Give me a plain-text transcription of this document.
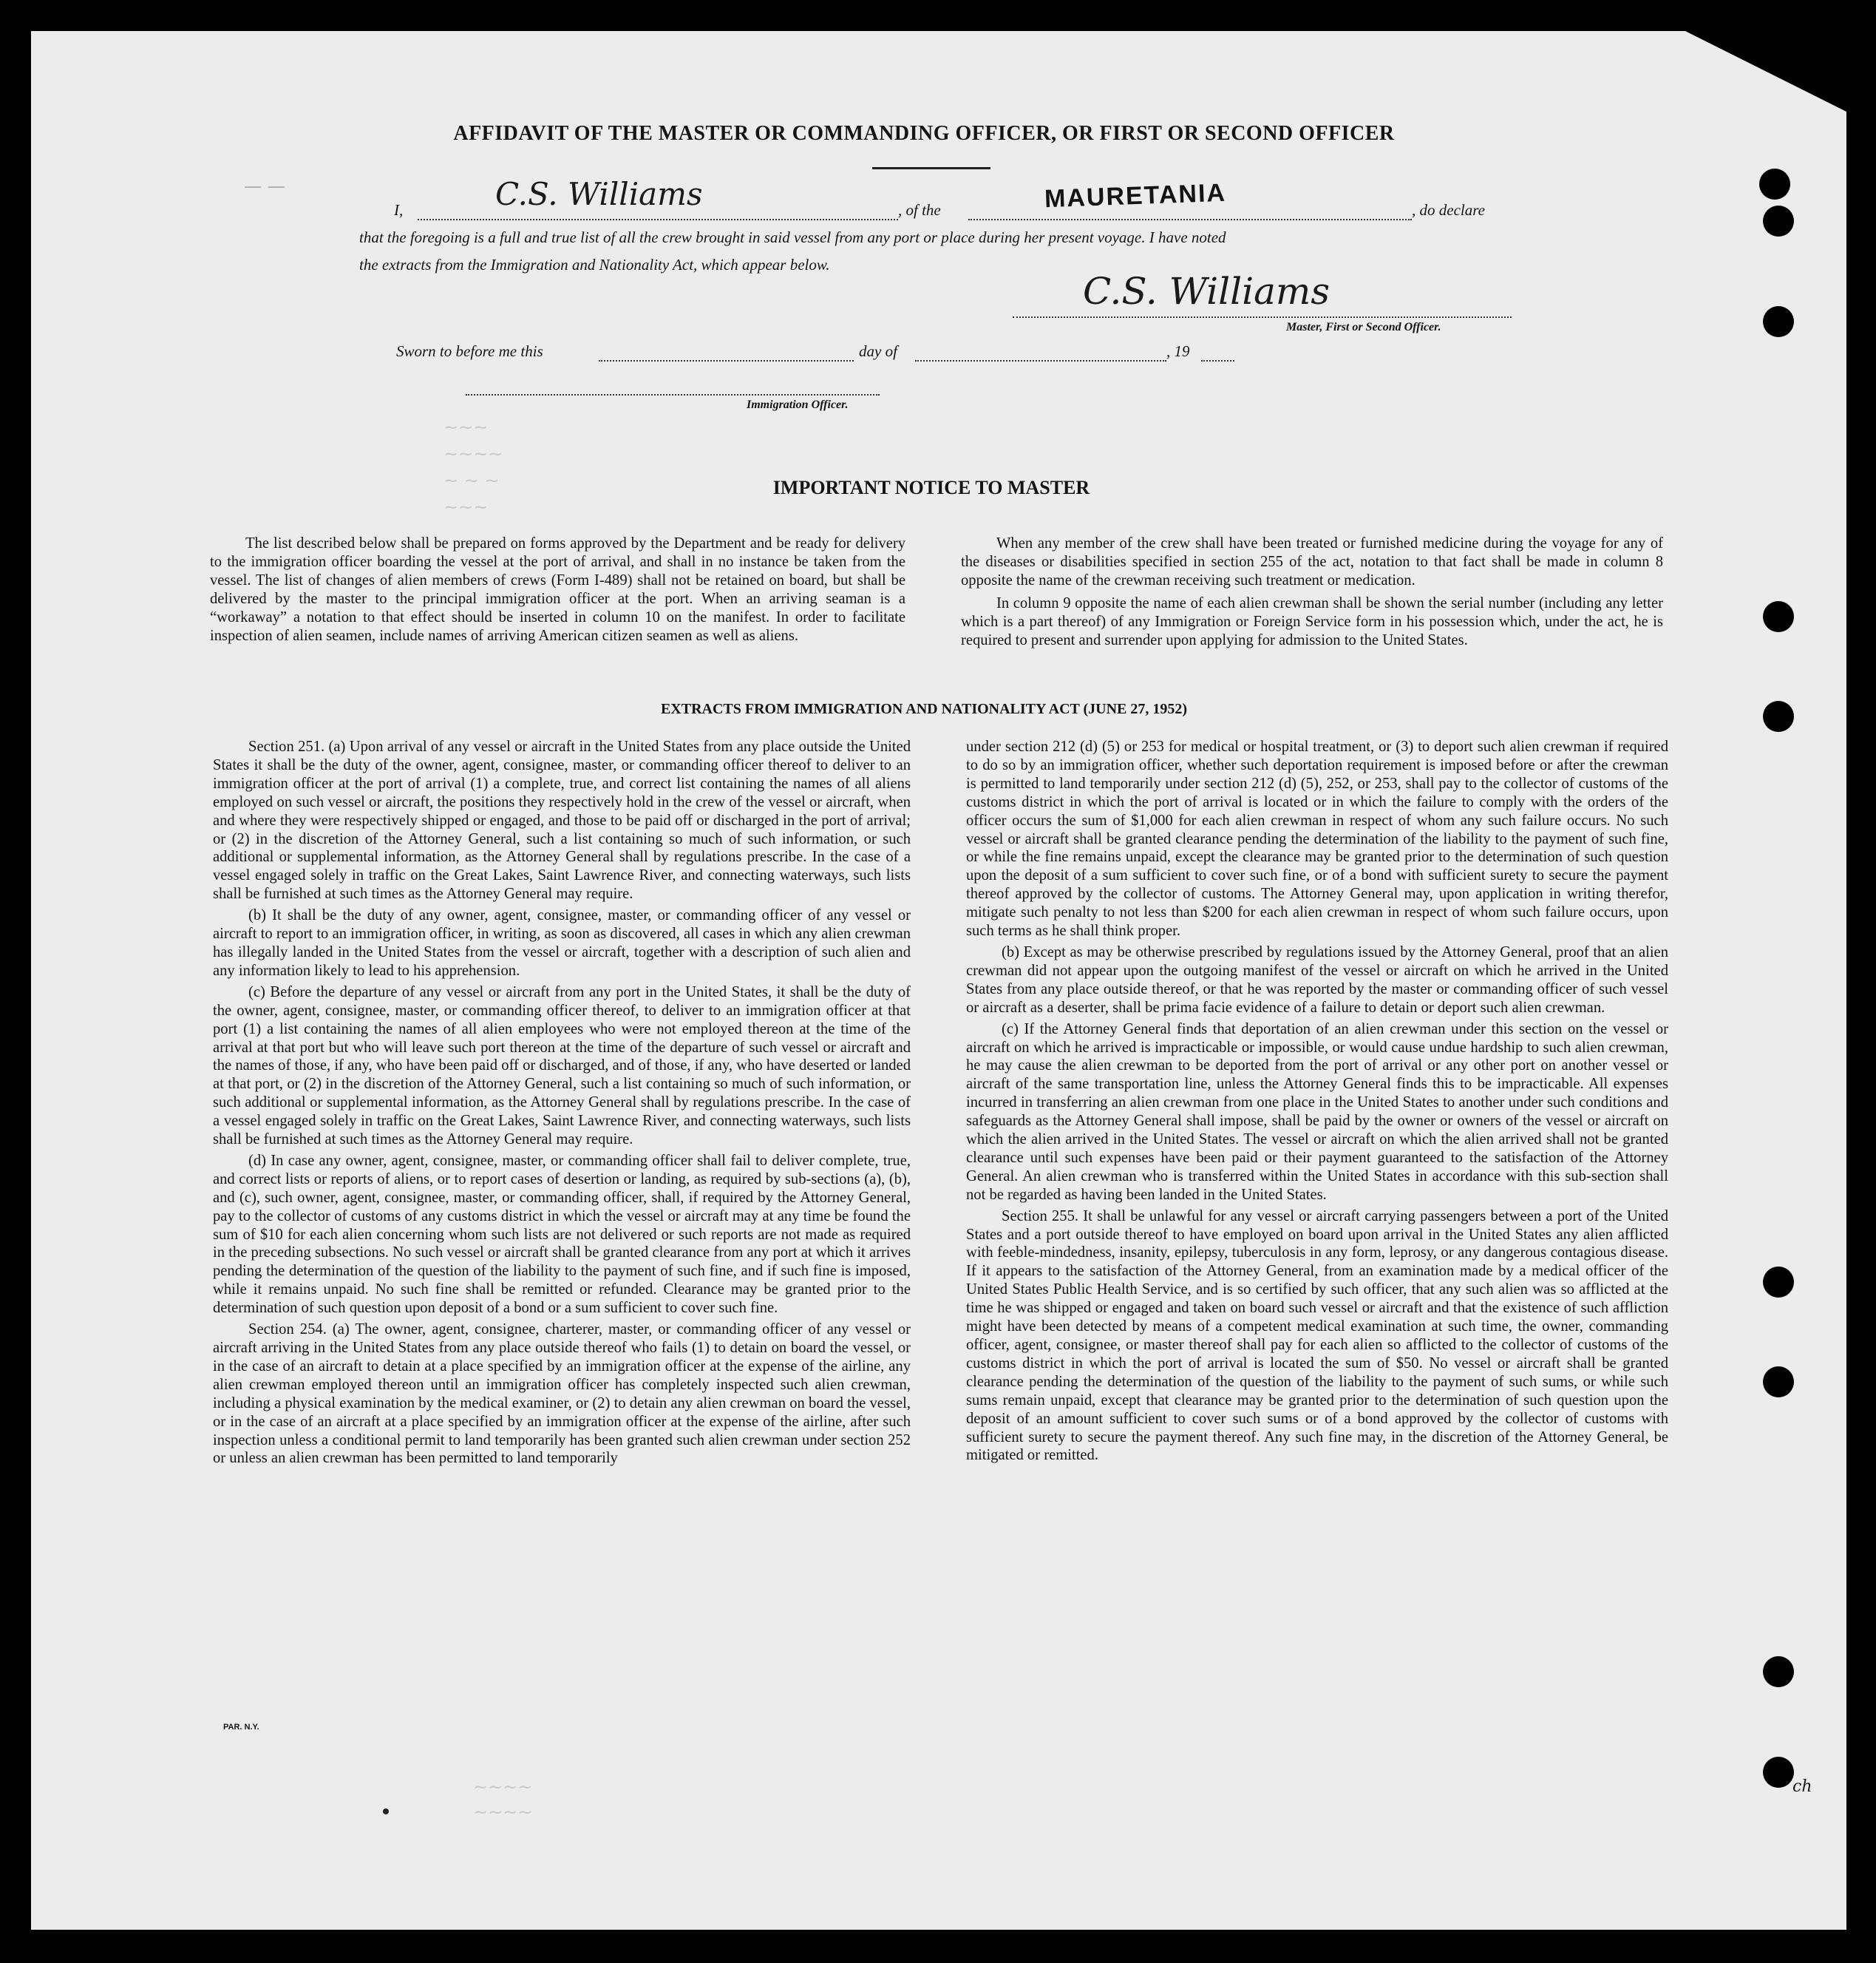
AFFIDAVIT OF THE MASTER OR COMMANDING OFFICER, OR FIRST OR SECOND OFFICER
— —
I,	C.S. Williams	, of the	MAURETANIA	, do declare
that the foregoing is a full and true list of all the crew brought in said vessel from any port or place during her present voyage. I have noted
the extracts from the Immigration and Nationality Act, which appear below.
C.S. Williams
Master, First or Second Officer.
Sworn to before me this	day of	, 19
Immigration Officer.
~~~
~~~~
~ ~ ~
~~~
IMPORTANT NOTICE TO MASTER

The list described below shall be prepared on forms approved by the Department and be ready for delivery to the immigration officer boarding the vessel at the port of arrival, and shall in no instance be taken from the vessel. The list of changes of alien members of crews (Form I-489) shall not be retained on board, but shall be delivered by the master to the principal immigration officer at the port. When an arriving seaman is a “workaway” a notation to that effect should be inserted in column 10 on the manifest. In order to facilitate inspection of alien seamen, include names of arriving American citizen seamen as well as aliens.

When any member of the crew shall have been treated or furnished medicine during the voyage for any of the diseases or disabilities specified in section 255 of the act, notation to that fact shall be made in column 8 opposite the name of the crewman receiving such treatment or medication.

In column 9 opposite the name of each alien crewman shall be shown the serial number (including any letter which is a part thereof) of any Immigration or Foreign Service form in his possession which, under the act, he is required to present and surrender upon applying for admission to the United States.

EXTRACTS FROM IMMIGRATION AND NATIONALITY ACT (JUNE 27, 1952)

Section 251. (a) Upon arrival of any vessel or aircraft in the United States from any place outside the United States it shall be the duty of the owner, agent, consignee, master, or commanding officer thereof to deliver to an immigration officer at the port of arrival (1) a complete, true, and correct list containing the names of all aliens employed on such vessel or aircraft, the positions they respectively hold in the crew of the vessel or aircraft, when and where they were respectively shipped or engaged, and those to be paid off or discharged in the port of arrival; or (2) in the discretion of the Attorney General, such a list containing so much of such information, or such additional or supplemental information, as the Attorney General shall by regulations prescribe. In the case of a vessel engaged solely in traffic on the Great Lakes, Saint Lawrence River, and connecting waterways, such lists shall be furnished at such times as the Attorney General may require.

(b) It shall be the duty of any owner, agent, consignee, master, or commanding officer of any vessel or aircraft to report to an immigration officer, in writing, as soon as discovered, all cases in which any alien crewman has illegally landed in the United States from the vessel or aircraft, together with a description of such alien and any information likely to lead to his apprehension.

(c) Before the departure of any vessel or aircraft from any port in the United States, it shall be the duty of the owner, agent, consignee, master, or commanding officer thereof, to deliver to an immigration officer at that port (1) a list containing the names of all alien employees who were not employed thereon at the time of the arrival at that port but who will leave such port thereon at the time of the departure of such vessel or aircraft and the names of those, if any, who have been paid off or discharged, and of those, if any, who have deserted or landed at that port, or (2) in the discretion of the Attorney General, such a list containing so much of such information, or such additional or supplemental information, as the Attorney General shall by regulations prescribe. In the case of a vessel engaged solely in traffic on the Great Lakes, Saint Lawrence River, and connecting waterways, such lists shall be furnished at such times as the Attorney General may require.

(d) In case any owner, agent, consignee, master, or commanding officer shall fail to deliver complete, true, and correct lists or reports of aliens, or to report cases of desertion or landing, as required by sub-sections (a), (b), and (c), such owner, agent, consignee, master, or commanding officer, shall, if required by the Attorney General, pay to the collector of customs of any customs district in which the vessel or aircraft may at any time be found the sum of $10 for each alien concerning whom such lists are not delivered or such reports are not made as required in the preceding subsections. No such vessel or aircraft shall be granted clearance from any port at which it arrives pending the determination of the question of the liability to the payment of such fine, and if such fine is imposed, while it remains unpaid. No such fine shall be remitted or refunded. Clearance may be granted prior to the determination of such question upon deposit of a bond or a sum sufficient to cover such fine.

Section 254. (a) The owner, agent, consignee, charterer, master, or commanding officer of any vessel or aircraft arriving in the United States from any place outside thereof who fails (1) to detain on board the vessel, or in the case of an aircraft to detain at a place specified by an immigration officer at the expense of the airline, any alien crewman employed thereon until an immigration officer has completely inspected such alien crewman, including a physical examination by the medical examiner, or (2) to detain any alien crewman on board the vessel, or in the case of an aircraft at a place specified by an immigration officer at the expense of the airline, after such inspection unless a conditional permit to land temporarily has been granted such alien crewman under section 252 or unless an alien crewman has been permitted to land temporarily

under section 212 (d) (5) or 253 for medical or hospital treatment, or (3) to deport such alien crewman if required to do so by an immigration officer, whether such deportation requirement is imposed before or after the crewman is permitted to land temporarily under section 212 (d) (5), 252, or 253, shall pay to the collector of customs of the customs district in which the port of arrival is located or in which the failure to comply with the orders of the officer occurs the sum of $1,000 for each alien crewman in respect of whom any such failure occurs. No such vessel or aircraft shall be granted clearance pending the determination of the liability to the payment of such fine, or while the fine remains unpaid, except the clearance may be granted prior to the determination of such question upon the deposit of a sum sufficient to cover such fine, or of a bond with sufficient surety to secure the payment thereof approved by the collector of customs. The Attorney General may, upon application in writing therefor, mitigate such penalty to not less than $200 for each alien crewman in respect of whom such failure occurs, upon such terms as he shall think proper.

(b) Except as may be otherwise prescribed by regulations issued by the Attorney General, proof that an alien crewman did not appear upon the outgoing manifest of the vessel or aircraft on which he arrived in the United States from any place outside thereof, or that he was reported by the master or commanding officer of such vessel or aircraft as a deserter, shall be prima facie evidence of a failure to detain or deport such alien crewman.

(c) If the Attorney General finds that deportation of an alien crewman under this section on the vessel or aircraft on which he arrived is impracticable or impossible, or would cause undue hardship to such alien crewman, he may cause the alien crewman to be deported from the port of arrival or any other port on another vessel or aircraft of the same transportation line, unless the Attorney General finds this to be impracticable. All expenses incurred in transferring an alien crewman from one place in the United States to another under such conditions and safeguards as the Attorney General shall impose, shall be paid by the owner or owners of the vessel or aircraft on which the alien arrived in the United States. The vessel or aircraft on which the alien arrived shall not be granted clearance until such expenses have been paid or their payment guaranteed to the satisfaction of the Attorney General. An alien crewman who is transferred within the United States in accordance with this sub-section shall not be regarded as having been landed in the United States.

Section 255. It shall be unlawful for any vessel or aircraft carrying passengers between a port of the United States and a port outside thereof to have employed on board upon arrival in the United States any alien afflicted with feeble-mindedness, insanity, epilepsy, tuberculosis in any form, leprosy, or any dangerous contagious disease. If it appears to the satisfaction of the Attorney General, from an examination made by a medical officer of the United States Public Health Service, and is so certified by such officer, that any such alien was so afflicted at the time he was shipped or engaged and taken on board such vessel or aircraft and that the existence of such affliction might have been detected by means of a competent medical examination at such time, the owner, commanding officer, agent, consignee, or master thereof shall pay for each alien so afflicted to the collector of customs of the customs district in which the port of arrival is located the sum of $50. No vessel or aircraft shall be granted clearance pending the determination of the question of the liability to the payment of such sums, or while such sums remain unpaid, except that clearance may be granted prior to the determination of such question upon the deposit of an amount sufficient to cover such sums or of a bond approved by the collector of customs with sufficient surety to secure the payment thereof. Any such fine may, in the discretion of the Attorney General, be mitigated or remitted.

PAR. N.Y.
~~~~
~~~~
ch
